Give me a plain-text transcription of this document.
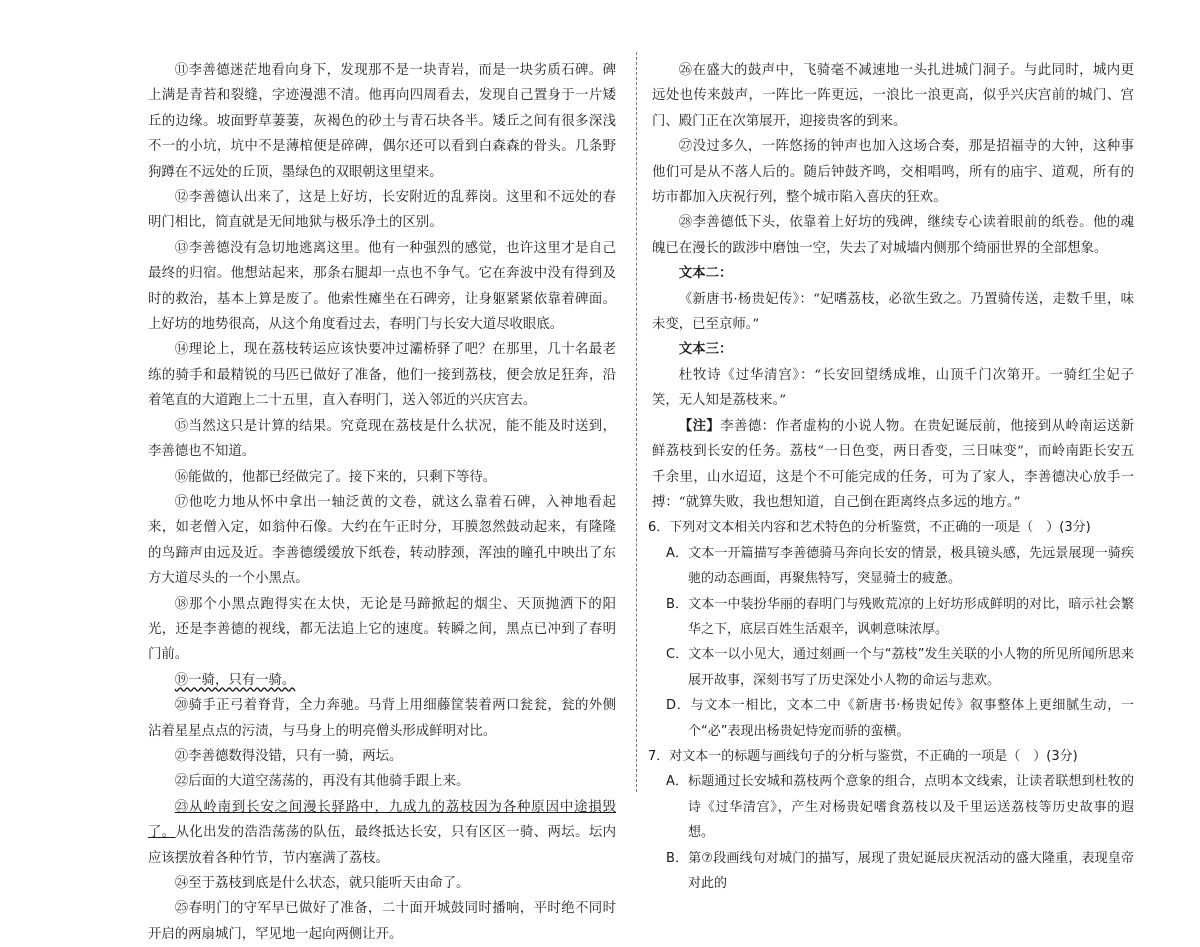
⑪李善德迷茫地看向身下，发现那不是一块青岩，而是一块劣质石碑。碑上满是青苔和裂缝，字迹漫漶不清。他再向四周看去，发现自己置身于一片矮丘的边缘。坡面野草萋萋，灰褐色的砂土与青石块各半。矮丘之间有很多深浅不一的小坑，坑中不是薄棺便是碎碑，偶尔还可以看到白森森的骨头。几条野狗蹲在不远处的丘顶，墨绿色的双眼朝这里望来。

⑫李善德认出来了，这是上好坊，长安附近的乱葬岗。这里和不远处的春明门相比，简直就是无间地狱与极乐净土的区别。

⑬李善德没有急切地逃离这里。他有一种强烈的感觉，也许这里才是自己最终的归宿。他想站起来，那条右腿却一点也不争气。它在奔波中没有得到及时的救治，基本上算是废了。他索性瘫坐在石碑旁，让身躯紧紧依靠着碑面。上好坊的地势很高，从这个角度看过去，春明门与长安大道尽收眼底。

⑭理论上，现在荔枝转运应该快要冲过灞桥驿了吧？在那里，几十名最老练的骑手和最精锐的马匹已做好了准备，他们一接到荔枝，便会放足狂奔，沿着笔直的大道跑上二十五里，直入春明门，送入邻近的兴庆宫去。

⑮当然这只是计算的结果。究竟现在荔枝是什么状况，能不能及时送到，李善德也不知道。

⑯能做的，他都已经做完了。接下来的，只剩下等待。

⑰他吃力地从怀中拿出一轴泛黄的文卷，就这么靠着石碑，入神地看起来，如老僧入定，如翁仲石像。大约在午正时分，耳膜忽然鼓动起来，有隆隆的鸟蹄声由远及近。李善德缓缓放下纸卷，转动脖颈，浑浊的瞳孔中映出了东方大道尽头的一个小黑点。

⑱那个小黑点跑得实在太快，无论是马蹄掀起的烟尘、天顶抛洒下的阳光，还是李善德的视线，都无法追上它的速度。转瞬之间，黑点已冲到了春明门前。

⑲一骑，只有一骑。

⑳骑手正弓着脊背，全力奔驰。马背上用细藤筐装着两口瓮瓮，瓮的外侧沾着星星点点的污渍，与马身上的明亮僧头形成鲜明对比。

㉑李善德数得没错，只有一骑，两坛。

㉒后面的大道空荡荡的，再没有其他骑手跟上来。

㉓从岭南到长安之间漫长驿路中，九成九的荔枝因为各种原因中途損毁了。从化出发的浩浩荡荡的队伍，最终抵达长安，只有区区一骑、两坛。坛内应该摆放着各种竹节，节内塞满了荔枝。

㉔至于荔枝到底是什么状态，就只能听天由命了。

㉕春明门的守军早已做好了准备，二十面开城鼓同时播响，平时绝不同时开启的两扇城门，罕见地一起向两侧让开。

㉖在盛大的鼓声中，飞骑毫不减速地一头扎进城门洞子。与此同时，城内更远处也传来鼓声，一阵比一阵更远，一浪比一浪更高，似乎兴庆宫前的城门、宫门、殿门正在次第展开，迎接贵客的到来。

㉗没过多久，一阵悠扬的钟声也加入这场合奏，那是招福寺的大钟，这种事他们可是从不落人后的。随后钟鼓齐鸣，交相唱鸣，所有的庙宇、道观，所有的坊市都加入庆祝行列，整个城市陷入喜庆的狂欢。

㉘李善德低下头，依靠着上好坊的残碑，继续专心读着眼前的纸卷。他的魂魄已在漫长的跋涉中磨蚀一空，失去了对城墙内侧那个绮丽世界的全部想象。

文本二：

《新唐书·杨贵妃传》：“妃嗜荔枝，必欲生致之。乃置骑传送，走数千里，味未变，已至京师。”

文本三：

杜牧诗《过华清宫》：“长安回望绣成堆，山顶千门次第开。一骑红尘妃子笑，无人知是荔枝来。”

【注】李善德：作者虚构的小说人物。在贵妃诞辰前，他接到从岭南运送新鲜荔枝到长安的任务。荔枝“一日色变，两日香变，三日味变”，而岭南距长安五千余里，山水迢迢，这是个不可能完成的任务，可为了家人，李善德决心放手一搏：“就算失败，我也想知道，自己倒在距离终点多远的地方。”

6．下列对文本相关内容和艺术特色的分析鉴赏，不正确的一项是（　）(3分)

A．文本一开篇描写李善德骑马奔向长安的情景，极具镜头感，先远景展现一骑疾驰的动态画面，再聚焦特写，突显骑士的疲惫。

B．文本一中装扮华丽的春明门与残败荒凉的上好坊形成鲜明的对比，暗示社会繁华之下，底层百姓生活艰辛，讽刺意味浓厚。

C．文本一以小见大，通过刻画一个与“荔枝”发生关联的小人物的所见所闻所思来展开故事，深刻书写了历史深处小人物的命运与悲欢。

D．与文本一相比，文本二中《新唐书·杨贵妃传》叙事整体上更细腻生动，一个“必”表现出杨贵妃恃宠而骄的蛮横。

7．对文本一的标题与画线句子的分析与鉴赏，不正确的一项是（　）(3分)

A．标题通过长安城和荔枝两个意象的组合，点明本文线索，让读者联想到杜牧的诗《过华清宫》，产生对杨贵妃嗜食荔枝以及千里运送荔枝等历史故事的遐想。

B．第⑦段画线句对城门的描写，展现了贵妃诞辰庆祝活动的盛大隆重，表现皇帝对此的
